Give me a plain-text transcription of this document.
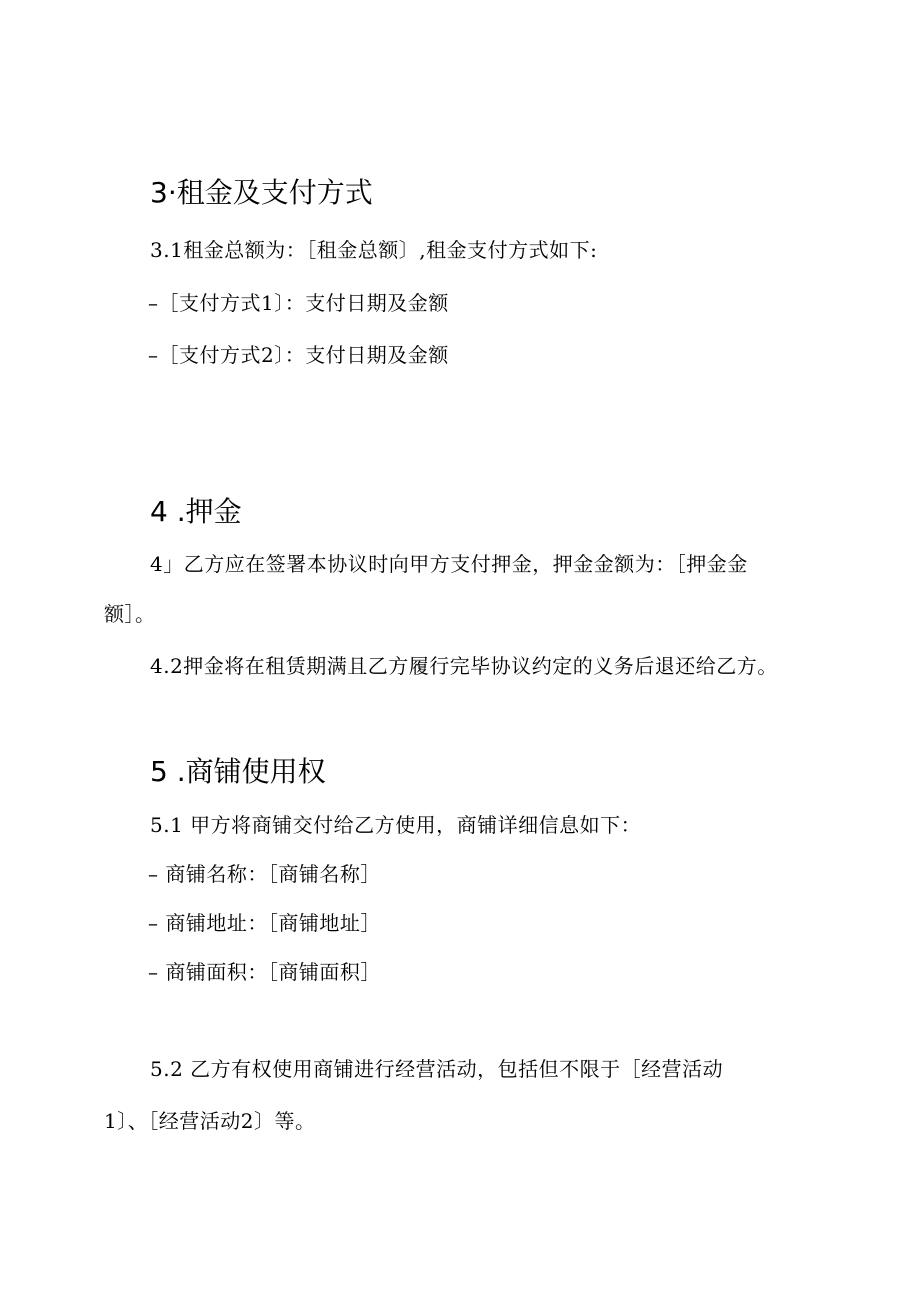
3·租金及支付方式
3.1租金总额为：［租金总额〕,租金支付方式如下:
–［支付方式1〕：支付日期及金额
–［支付方式2〕：支付日期及金额
4 .押金
4」乙方应在签署本协议时向甲方支付押金，押金金额为：［押金金
额］。
4.2押金将在租赁期满且乙方履行完毕协议约定的义务后退还给乙方。
5 .商铺使用权
5.1 甲方将商铺交付给乙方使用，商铺详细信息如下：
– 商铺名称：［商铺名称］
– 商铺地址：［商铺地址］
– 商铺面积：［商铺面积］
5.2 乙方有权使用商铺进行经营活动，包括但不限于［经营活动
1〕、［经营活动2〕等。
